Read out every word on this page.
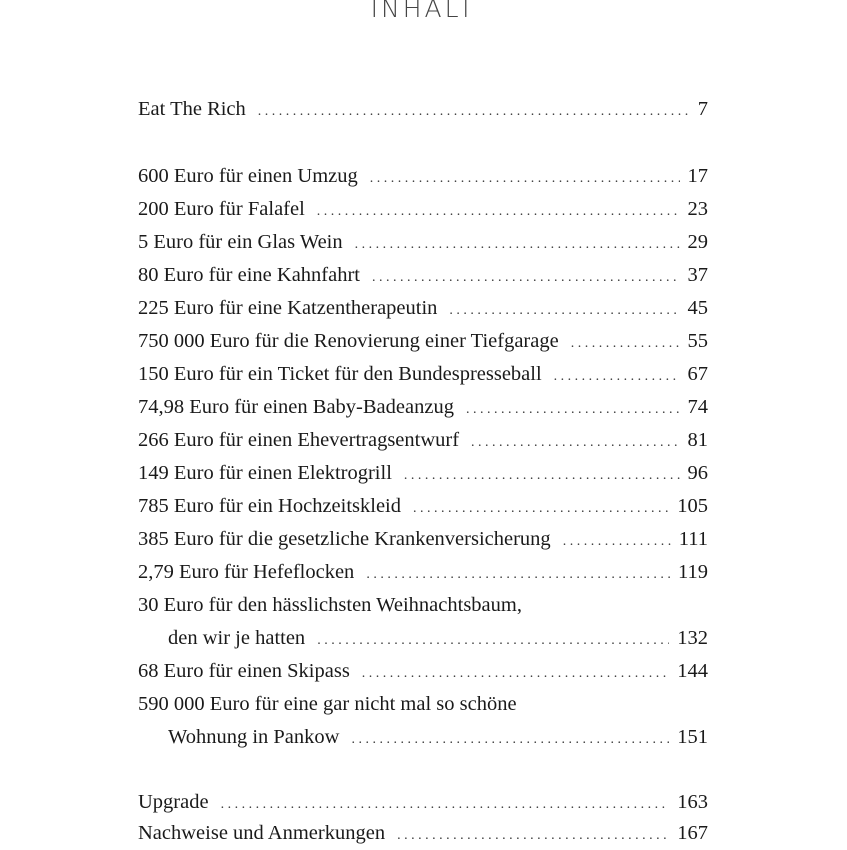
INHALT
Eat The Rich . . .	7
600 Euro für einen Umzug . . .	17
200 Euro für Falafel . . .	23
5 Euro für ein Glas Wein . . .	29
80 Euro für eine Kahnfahrt . . .	37
225 Euro für eine Katzentherapeutin . . .	45
750 000 Euro für die Renovierung einer Tiefgarage . . .	55
150 Euro für ein Ticket für den Bundespresseball . . .	67
74,98 Euro für einen Baby-Badeanzug . . .	74
266 Euro für einen Ehevertragsentwurf . . .	81
149 Euro für einen Elektrogrill . . .	96
785 Euro für ein Hochzeitskleid . . .	105
385 Euro für die gesetzliche Krankenversicherung . . .	111
2,79 Euro für Hefeflocken . . .	119
30 Euro für den hässlichsten Weihnachtsbaum,
den wir je hatten . . .	132
68 Euro für einen Skipass . . .	144
590 000 Euro für eine gar nicht mal so schöne
Wohnung in Pankow . . .	151
Upgrade . . .	163
Nachweise und Anmerkungen . . .	167
